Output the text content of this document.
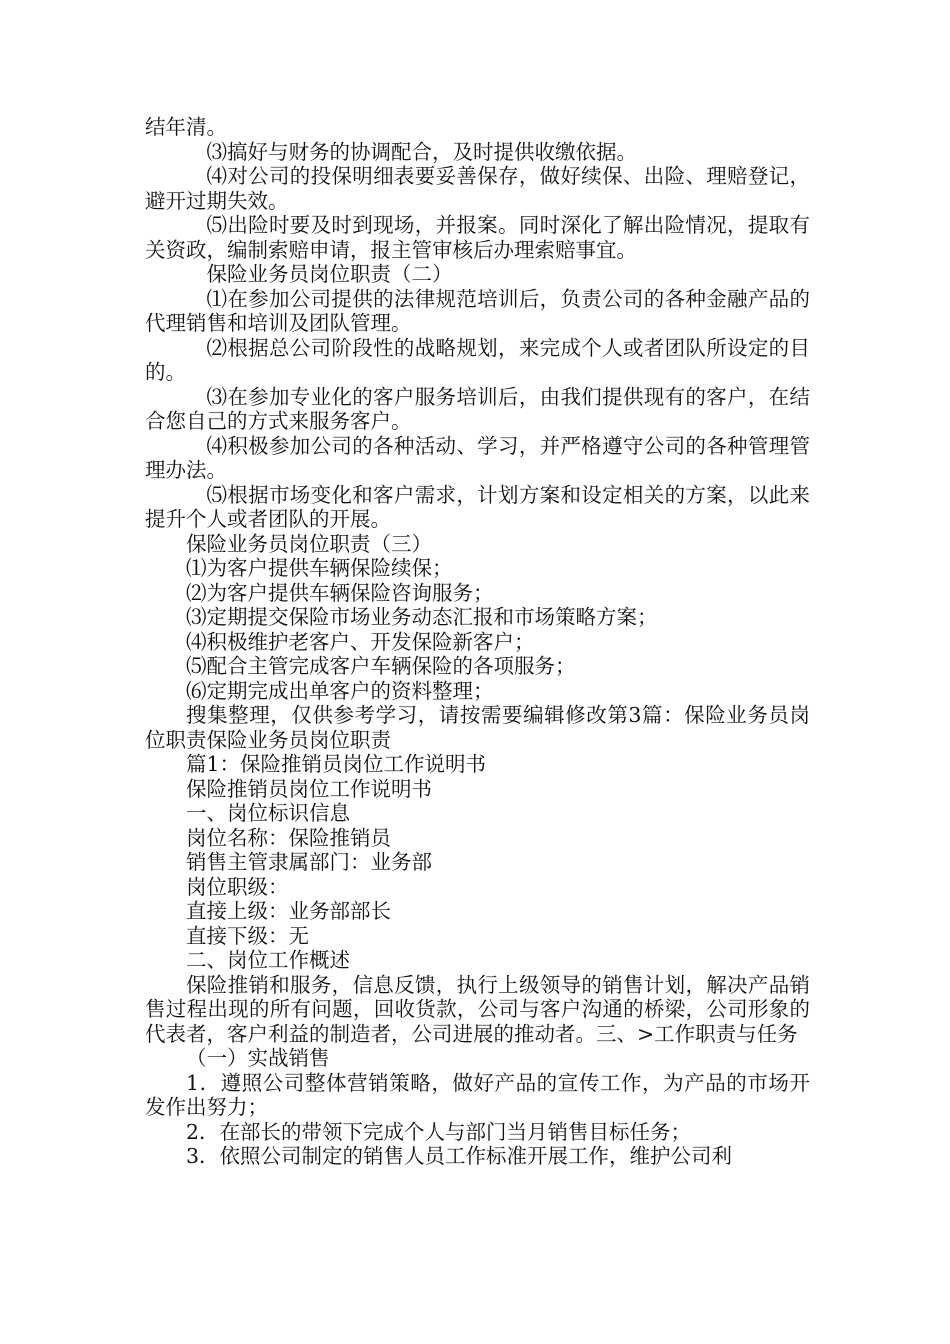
结年清。

⑶搞好与财务的协调配合，及时提供收缴依据。

⑷对公司的投保明细表要妥善保存，做好续保、出险、理赔登记，避开过期失效。

⑸出险时要及时到现场，并报案。同时深化了解出险情况，提取有关资政，编制索赔申请，报主管审核后办理索赔事宜。

保险业务员岗位职责（二）

⑴在参加公司提供的法律规范培训后，负责公司的各种金融产品的代理销售和培训及团队管理。

⑵根据总公司阶段性的战略规划，来完成个人或者团队所设定的目的。

⑶在参加专业化的客户服务培训后，由我们提供现有的客户，在结合您自己的方式来服务客户。

⑷积极参加公司的各种活动、学习，并严格遵守公司的各种管理管理办法。

⑸根据市场变化和客户需求，计划方案和设定相关的方案，以此来提升个人或者团队的开展。

保险业务员岗位职责（三）

⑴为客户提供车辆保险续保；

⑵为客户提供车辆保险咨询服务；

⑶定期提交保险市场业务动态汇报和市场策略方案；

⑷积极维护老客户、开发保险新客户；

⑸配合主管完成客户车辆保险的各项服务；

⑹定期完成出单客户的资料整理；

搜集整理，仅供参考学习，请按需要编辑修改第3篇：保险业务员岗位职责保险业务员岗位职责

篇1：保险推销员岗位工作说明书

保险推销员岗位工作说明书

一、岗位标识信息

岗位名称：保险推销员

销售主管隶属部门：业务部

岗位职级：

直接上级：业务部部长

直接下级：无

二、岗位工作概述

保险推销和服务，信息反馈，执行上级领导的销售计划，解决产品销售过程出现的所有问题，回收货款，公司与客户沟通的桥梁，公司形象的代表者，客户利益的制造者，公司进展的推动者。三、>工作职责与任务

（一）实战销售

1．遵照公司整体营销策略，做好产品的宣传工作，为产品的市场开发作出努力；

2．在部长的带领下完成个人与部门当月销售目标任务；

3．依照公司制定的销售人员工作标准开展工作，维护公司利
